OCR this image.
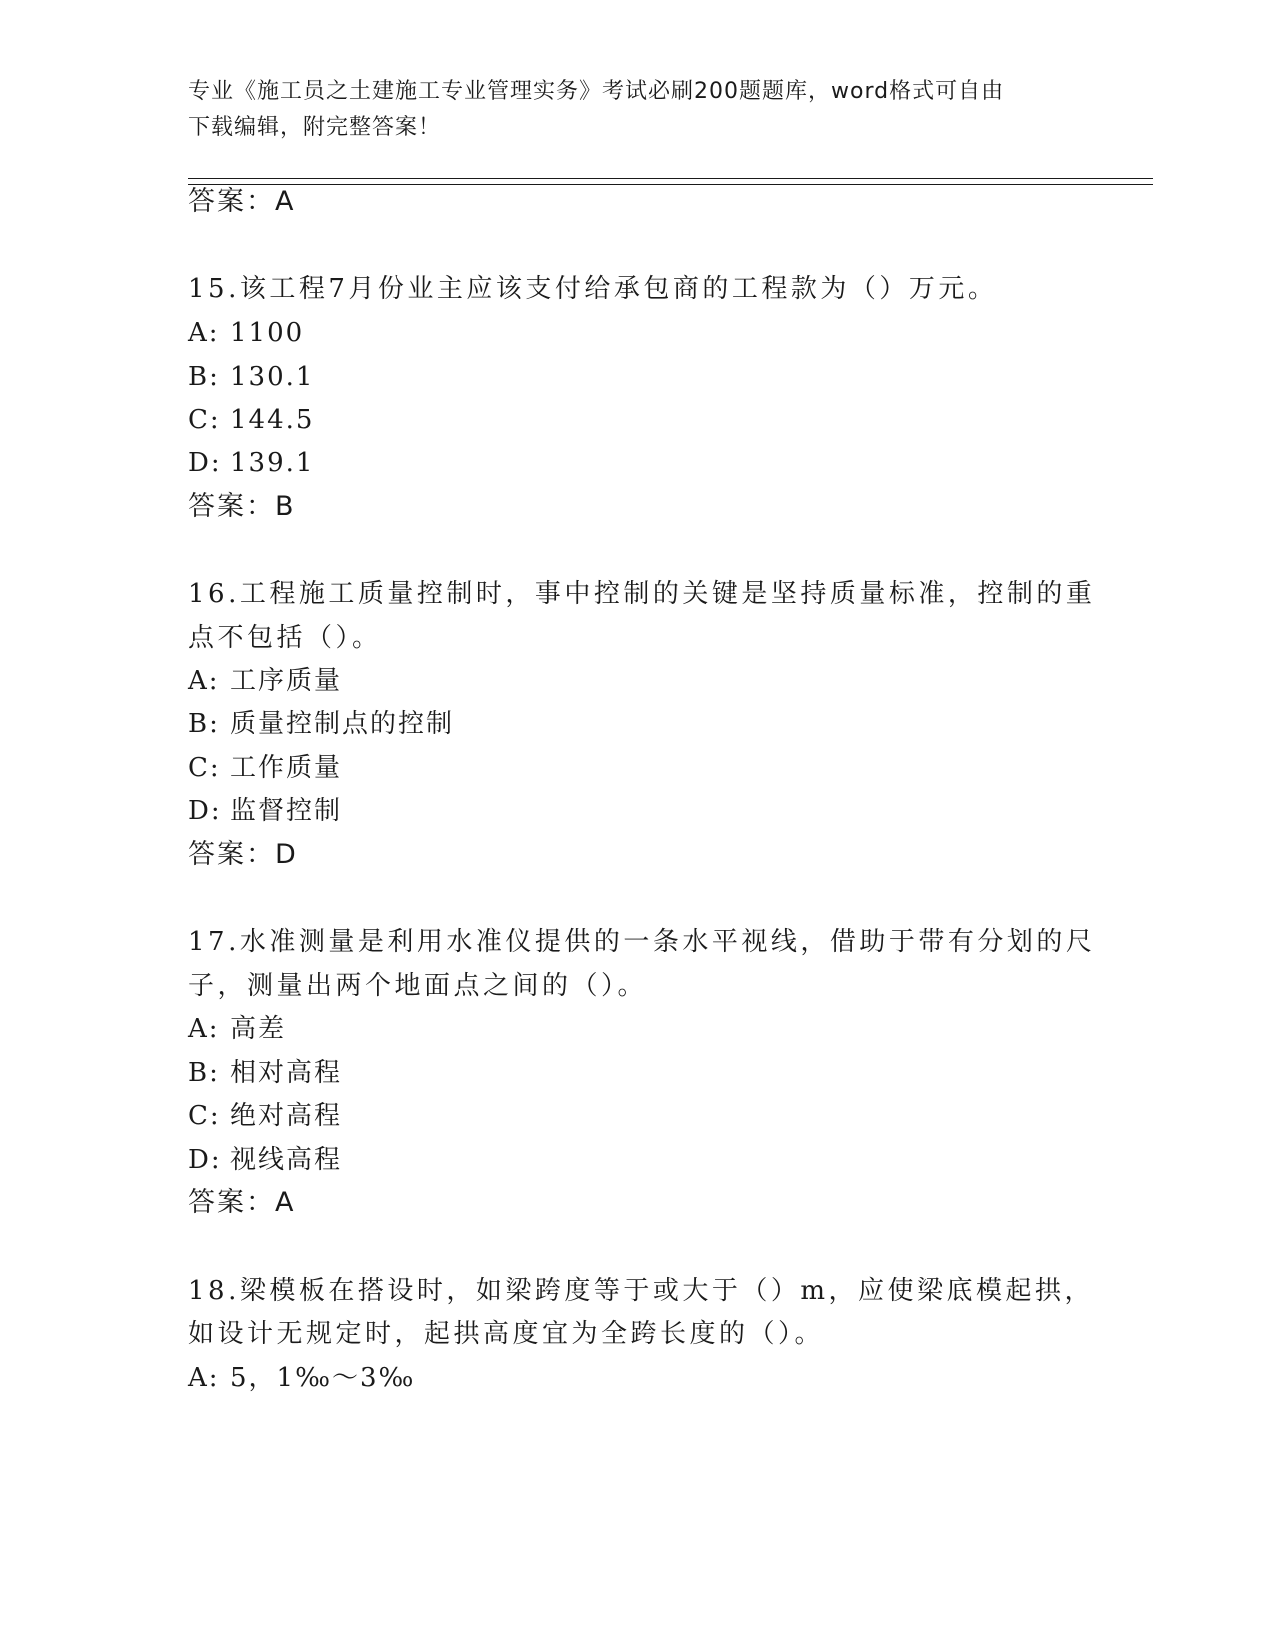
专业《施工员之土建施工专业管理实务》考试必刷200题题库，word格式可自由
下载编辑，附完整答案！
答案：A
15.该工程7月份业主应该支付给承包商的工程款为（）万元。
A: 1100
B: 130.1
C: 144.5
D: 139.1
答案：B
16.工程施工质量控制时，事中控制的关键是坚持质量标准，控制的重
点不包括（）。
A: 工序质量
B: 质量控制点的控制
C: 工作质量
D: 监督控制
答案：D
17.水准测量是利用水准仪提供的一条水平视线，借助于带有分划的尺
子，测量出两个地面点之间的（）。
A: 高差
B: 相对高程
C: 绝对高程
D: 视线高程
答案：A
18.梁模板在搭设时，如梁跨度等于或大于（）m，应使梁底模起拱，
如设计无规定时，起拱高度宜为全跨长度的（）。
A: 5，1‰～3‰
